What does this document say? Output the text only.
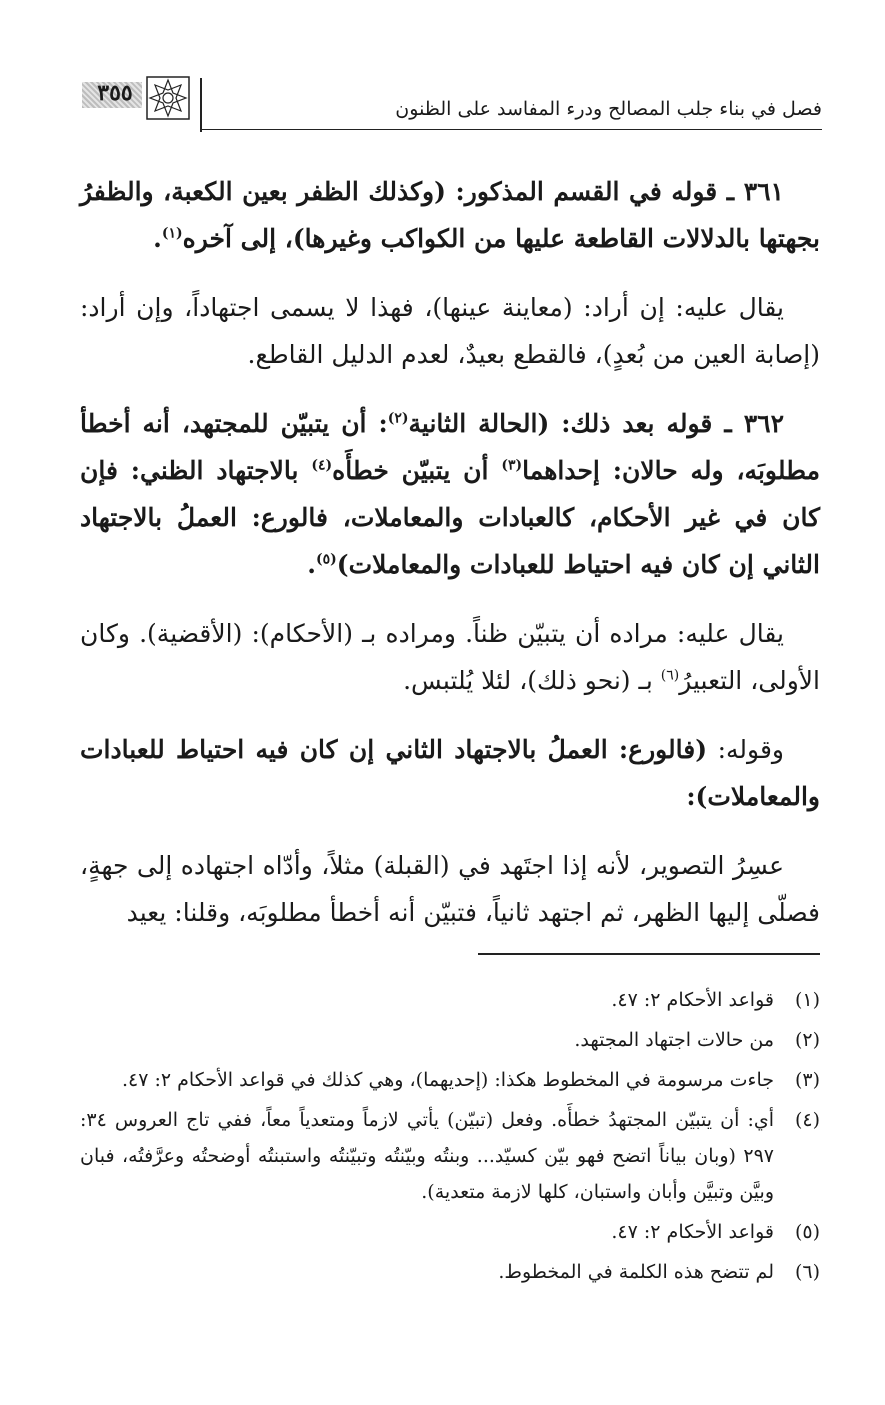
٣٥٥
فصل في بناء جلب المصالح ودرء المفاسد على الظنون

٣٦١ ـ قوله في القسم المذكور: (وكذلك الظفر بعين الكعبة، والظفرُ بجهتها بالدلالات القاطعة عليها من الكواكب وغيرها)، إلى آخره$^{(١)}$.

يقال عليه: إن أراد: (معاينة عينها)، فهذا لا يسمى اجتهاداً، وإن أراد: (إصابة العين من بُعدٍ)، فالقطع بعيدٌ، لعدم الدليل القاطع.

٣٦٢ ـ قوله بعد ذلك: (الحالة الثانية$^{(٢)}$: أن يتبيّن للمجتهد، أنه أخطأ مطلوبَه، وله حالان: إحداهما$^{(٣)}$ أن يتبيّن خطأَه$^{(٤)}$ بالاجتهاد الظني: فإن كان في غير الأحكام، كالعبادات والمعاملات، فالورع: العملُ بالاجتهاد الثاني إن كان فيه احتياط للعبادات والمعاملات)$^{(٥)}$.

يقال عليه: مراده أن يتبيّن ظناً. ومراده بـ (الأحكام): (الأقضية). وكان الأولى، التعبيرُ$^{(٦)}$ بـ (نحو ذلك)، لئلا يُلتبس.

وقوله: (فالورع: العملُ بالاجتهاد الثاني إن كان فيه احتياط للعبادات والمعاملات):

عسِرُ التصوير، لأنه إذا اجتَهد في (القبلة) مثلاً، وأدّاه اجتهاده إلى جهةٍ، فصلّى إليها الظهر، ثم اجتهد ثانياً، فتبيّن أنه أخطأ مطلوبَه، وقلنا: يعيد

(١)
قواعد الأحكام ٢: ٤٧.
(٢)
من حالات اجتهاد المجتهد.
(٣)
جاءت مرسومة في المخطوط هكذا: (إحديهما)، وهي كذلك في قواعد الأحكام ٢: ٤٧.
(٤)
أي: أن يتبيّن المجتهدُ خطأَه. وفعل (تبيّن) يأتي لازماً ومتعدياً معاً، ففي تاج العروس ٣٤: ٢٩٧ (وبان بياناً اتضح فهو بيّن كسيّد... وبنتُه وبيّنتُه وتبيّنتُه واستبنتُه أوضحتُه وعرَّفتُه، فبان وبيَّن وتبيَّن وأبان واستبان، كلها لازمة متعدية).
(٥)
قواعد الأحكام ٢: ٤٧.
(٦)
لم تتضح هذه الكلمة في المخطوط.
